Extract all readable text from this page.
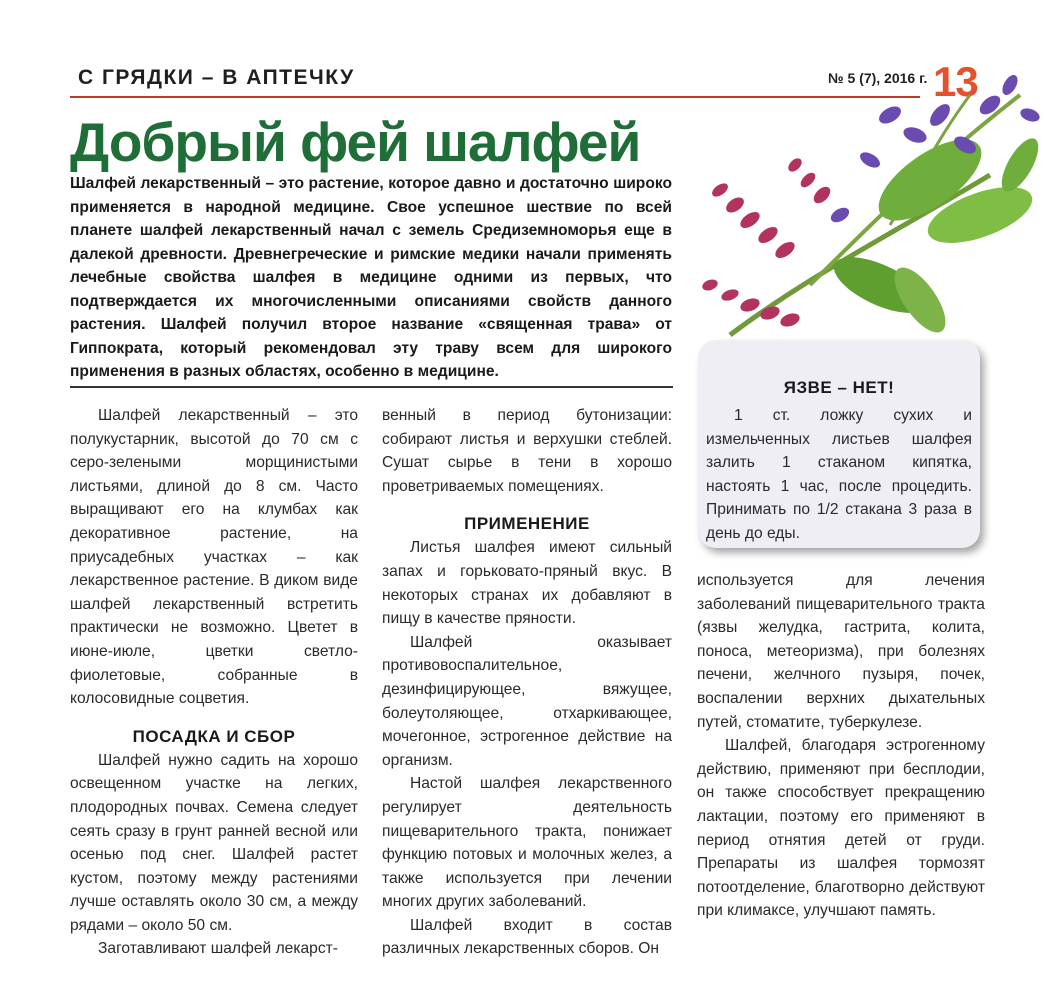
С ГРЯДКИ – В АПТЕЧКУ	№ 5 (7), 2016 г. 13
Добрый фей шалфей
Шалфей лекарственный – это растение, которое давно и достаточно широко применяется в народной медицине. Свое успешное шествие по всей планете шалфей лекарственный начал с земель Средиземноморья еще в далекой древности. Древнегреческие и римские медики начали применять лечебные свойства шалфея в медицине одними из первых, что подтверждается их многочисленными описаниями свойств данного растения. Шалфей получил второе название «священная трава» от Гиппократа, который рекомендовал эту траву всем для широкого применения в разных областях, особенно в медицине.

Шалфей лекарственный – это полукустарник, высотой до 70 см с серо-зелеными морщинистыми листьями, длиной до 8 см. Часто выращивают его на клумбах как декоративное растение, на приусадебных участках – как лекарственное растение. В диком виде шалфей лекарственный встретить практически не возможно. Цветет в июне-июле, цветки светло-фиолетовые, собранные в колосовидные соцветия.

ПОСАДКА И СБОР

Шалфей нужно садить на хорошо освещенном участке на легких, плодородных почвах. Семена следует сеять сразу в грунт ранней весной или осенью под снег. Шалфей растет кустом, поэтому между растениями лучше оставлять около 30 см, а между рядами – около 50 см.

Заготавливают шалфей лекарст-

венный в период бутонизации: собирают листья и верхушки стеблей. Сушат сырье в тени в хорошо проветриваемых помещениях.

ПРИМЕНЕНИЕ

Листья шалфея имеют сильный запах и горьковато-пряный вкус. В некоторых странах их добавляют в пищу в качестве пряности.

Шалфей оказывает противовоспалительное, дезинфицирующее, вяжущее, болеутоляющее, отхаркивающее, мочегонное, эстрогенное действие на организм.

Настой шалфея лекарственного регулирует деятельность пищеварительного тракта, понижает функцию потовых и молочных желез, а также используется при лечении многих других заболеваний.

Шалфей входит в состав различных лекарственных сборов. Он

ЯЗВЕ – НЕТ!

1 ст. ложку сухих и измельченных листьев шалфея залить 1 стаканом кипятка, настоять 1 час, после процедить. Принимать по 1/2 стакана 3 раза в день до еды.

используется для лечения заболеваний пищеварительного тракта (язвы желудка, гастрита, колита, поноса, метеоризма), при болезнях печени, желчного пузыря, почек, воспалении верхних дыхательных путей, стоматите, туберкулезе.

Шалфей, благодаря эстрогенному действию, применяют при бесплодии, он также способствует прекращению лактации, поэтому его применяют в период отнятия детей от груди. Препараты из шалфея тормозят потоотделение, благотворно действуют при климаксе, улучшают память.
